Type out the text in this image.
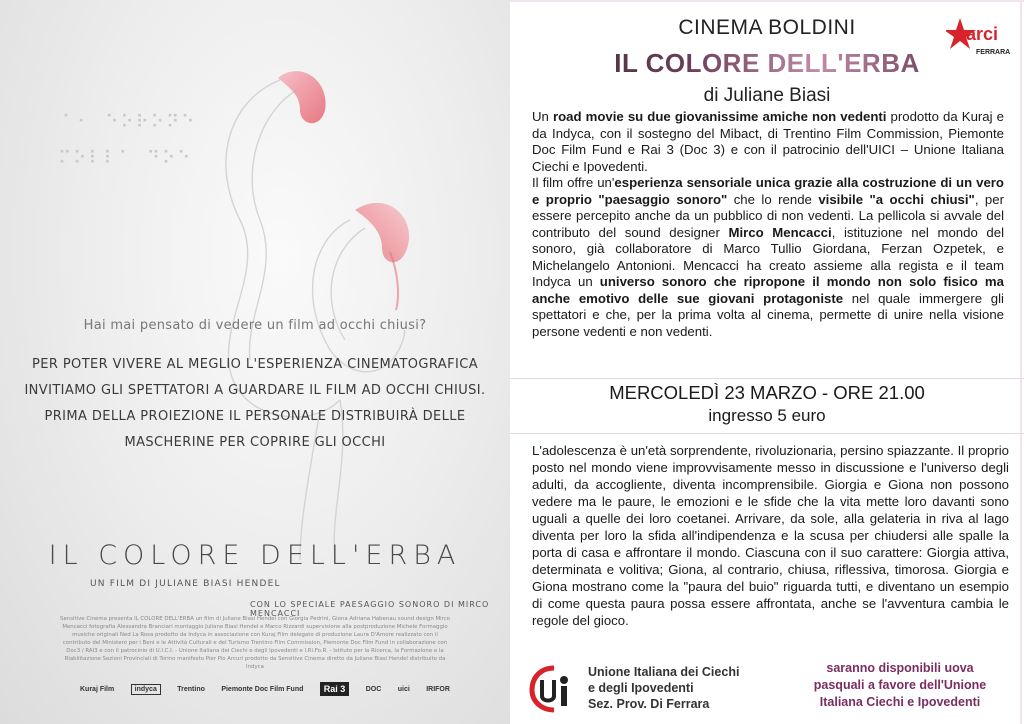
⠁⠂ ⠑⠕⠗⠕⠝⠑
⠍⠕⠇⠇⠁ ⠙⠕⠑
Hai mai pensato di vedere un film ad occhi chiusi?
PER POTER VIVERE AL MEGLIO L'ESPERIENZA CINEMATOGRAFICA
INVITIAMO GLI SPETTATORI A GUARDARE IL FILM AD OCCHI CHIUSI.
PRIMA DELLA PROIEZIONE IL PERSONALE DISTRIBUIRÀ DELLE
MASCHERINE PER COPRIRE GLI OCCHI
IL COLORE DELL'ERBA
UN FILM DI JULIANE BIASI HENDEL
CON LO SPECIALE PAESAGGIO SONORO DI MIRCO MENCACCI
Sensitive Cinema presenta IL COLORE DELL'ERBA un film di Juliane Biasi Hendel con Giorgia Pedrini, Giona Adriana Habenau sound design Mirco Mencacci fotografia Alessandra Branciari montaggio Juliane Biasi Hendel e Marco Rizzardi supervisione alla postproduzione Michele Formaggio musiche originali Ned La Rosa prodotto da Indyca in associazione con Kuraj Film delegato di produzione Laura D'Amore realizzato con il contributo del Ministero per i Beni e le Attività Culturali e del Turismo Trentino Film Commission, Piemonte Doc Film Fund in collaborazione con Doc3 / RAI3 e con il patrocinio di U.I.C.I. - Unione Italiana dei Ciechi e degli Ipovedenti e I.Ri.Fo.R. - Istituto per la Ricerca, la Formazione e la Riabilitazione Sezioni Provinciali di Torino manifesto Pier Pio Arcuri prodotto da Sensitive Cinema diretto da Juliane Biasi Hendel distribuito da Indyca
Kuraj Film	indyca	Trentino Piemonte Doc Film Fund	Rai 3	DOC uici IRIFOR
CINEMA BOLDINI
IL COLORE DELL'ERBA
di Juliane Biasi
Un road movie su due giovanissime amiche non vedenti prodotto da Kuraj e da Indyca, con il sostegno del Mibact, di Trentino Film Commission, Piemonte Doc Film Fund e Rai 3 (Doc 3) e con il patrocinio dell'UICI – Unione Italiana Ciechi e Ipovedenti.
Il film offre un'esperienza sensoriale unica grazie alla costruzione di un vero e proprio "paesaggio sonoro" che lo rende visibile "a occhi chiusi", per essere percepito anche da un pubblico di non vedenti. La pellicola si avvale del contributo del sound designer Mirco Mencacci, istituzione nel mondo del sonoro, già collaboratore di Marco Tullio Giordana, Ferzan Ozpetek, e Michelangelo Antonioni. Mencacci ha creato assieme alla regista e il team Indyca un universo sonoro che ripropone il mondo non solo fisico ma anche emotivo delle sue giovani protagoniste nel quale immergere gli spettatori e che, per la prima volta al cinema, permette di unire nella visione persone vedenti e non vedenti.
MERCOLEDÌ 23 MARZO - ORE 21.00
ingresso 5 euro
L'adolescenza è un'età sorprendente, rivoluzionaria, persino spiazzante. Il proprio posto nel mondo viene improvvisamente messo in discussione e l'universo degli adulti, da accogliente, diventa incomprensibile. Giorgia e Giona non possono vedere ma le paure, le emozioni e le sfide che la vita mette loro davanti sono uguali a quelle dei loro coetanei. Arrivare, da sole, alla gelateria in riva al lago diventa per loro la sfida all'indipendenza e la scusa per chiudersi alle spalle la porta di casa e affrontare il mondo. Ciascuna con il suo carattere: Giorgia attiva, determinata e volitiva; Giona, al contrario, chiusa, riflessiva, timorosa. Giorgia e Giona mostrano come la "paura del buio" riguarda tutti, e diventano un esempio di come questa paura possa essere affrontata, anche se l'avventura cambia le regole del gioco.
arci
FERRARA
Unione Italiana dei Ciechi
e degli Ipovedenti
Sez. Prov. Di Ferrara
saranno disponibili uova
pasquali a favore dell'Unione
Italiana Ciechi e Ipovedenti
